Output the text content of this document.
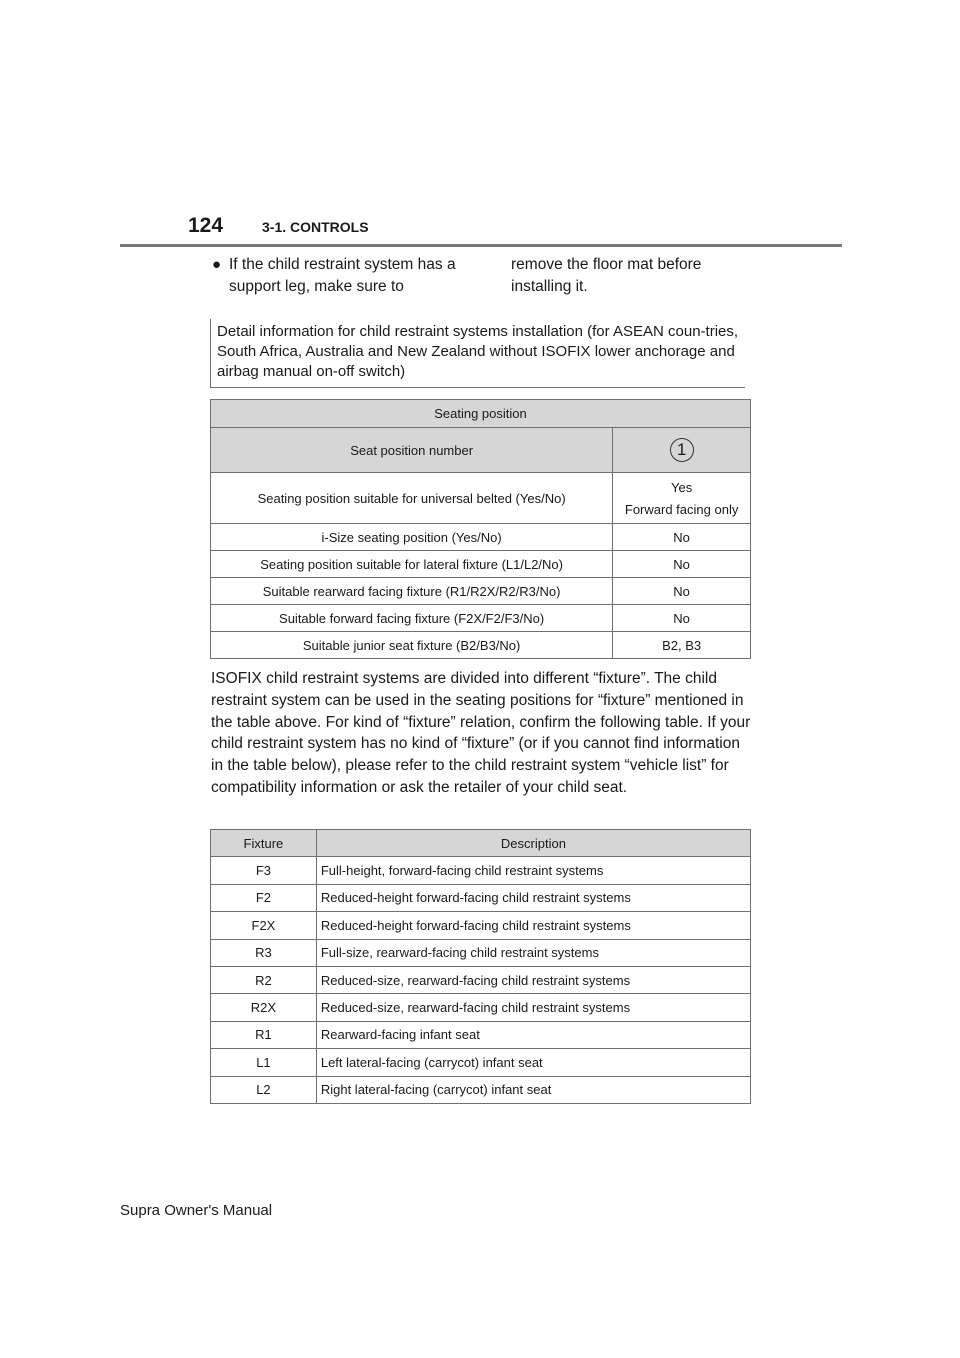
124	3-1. CONTROLS
● If the child restraint system has a support leg, make sure to
remove the floor mat before installing it.
Detail information for child restraint systems installation (for ASEAN coun-tries, South Africa, Australia and New Zealand without ISOFIX lower anchorage and airbag manual on-off switch)
Seating position	
Seat position number	1
Seating position suitable for universal belted (Yes/No)	Yes
Forward facing only

i-Size seating position (Yes/No)	No
Seating position suitable for lateral fixture (L1/L2/No)	No
Suitable rearward facing fixture (R1/R2X/R2/R3/No)	No
Suitable forward facing fixture (F2X/F2/F3/No)	No
Suitable junior seat fixture (B2/B3/No)	B2, B3
ISOFIX child restraint systems are divided into different “fixture”. The child restraint system can be used in the seating positions for “fixture” mentioned in the table above. For kind of “fixture” relation, confirm the following table. If your child restraint system has no kind of “fixture” (or if you cannot find information in the table below), please refer to the child restraint system “vehicle list” for compatibility information or ask the retailer of your child seat.
Fixture	Description
F3	Full-height, forward-facing child restraint systems
F2	Reduced-height forward-facing child restraint systems
F2X	Reduced-height forward-facing child restraint systems
R3	Full-size, rearward-facing child restraint systems
R2	Reduced-size, rearward-facing child restraint systems
R2X	Reduced-size, rearward-facing child restraint systems
R1	Rearward-facing infant seat
L1	Left lateral-facing (carrycot) infant seat
L2	Right lateral-facing (carrycot) infant seat
Supra Owner's Manual
